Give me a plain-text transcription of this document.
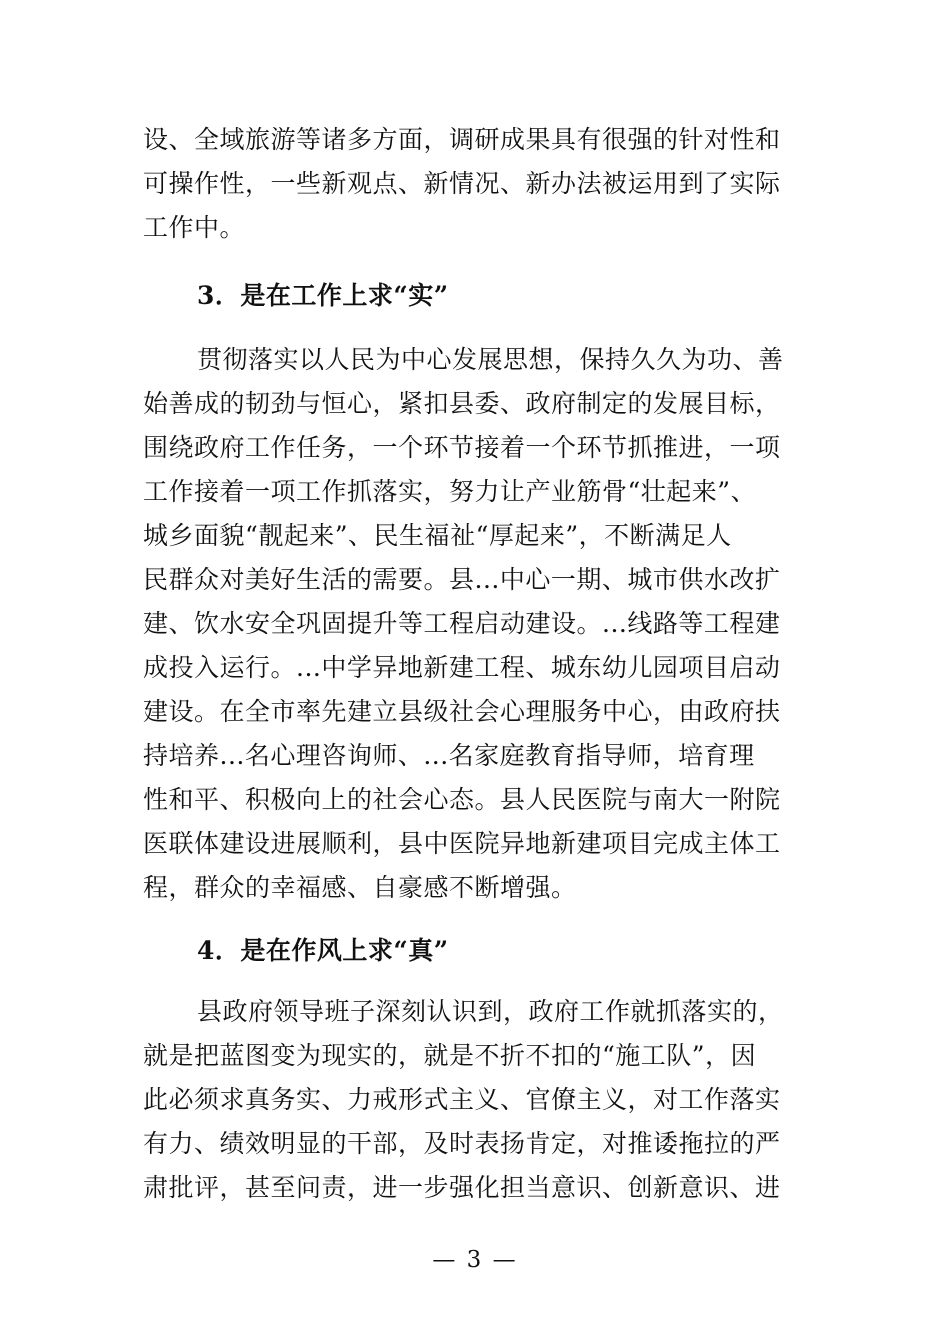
设、全域旅游等诸多方面，调研成果具有很强的针对性和
可操作性，一些新观点、新情况、新办法被运用到了实际
工作中。
3．是在工作上求“实”
贯彻落实以人民为中心发展思想，保持久久为功、善
始善成的韧劲与恒心，紧扣县委、政府制定的发展目标，
围绕政府工作任务，一个环节接着一个环节抓推进，一项
工作接着一项工作抓落实，努力让产业筋骨“壮起来”、
城乡面貌“靓起来”、民生福祉“厚起来”，不断满足人
民群众对美好生活的需要。县...中心一期、城市供水改扩
建、饮水安全巩固提升等工程启动建设。...线路等工程建
成投入运行。...中学异地新建工程、城东幼儿园项目启动
建设。在全市率先建立县级社会心理服务中心，由政府扶
持培养...名心理咨询师、...名家庭教育指导师，培育理
性和平、积极向上的社会心态。县人民医院与南大一附院
医联体建设进展顺利，县中医院异地新建项目完成主体工
程，群众的幸福感、自豪感不断增强。
4．是在作风上求“真”
县政府领导班子深刻认识到，政府工作就抓落实的，
就是把蓝图变为现实的，就是不折不扣的“施工队”，因
此必须求真务实、力戒形式主义、官僚主义，对工作落实
有力、绩效明显的干部，及时表扬肯定，对推诿拖拉的严
肃批评，甚至问责，进一步强化担当意识、创新意识、进
— 3 —
